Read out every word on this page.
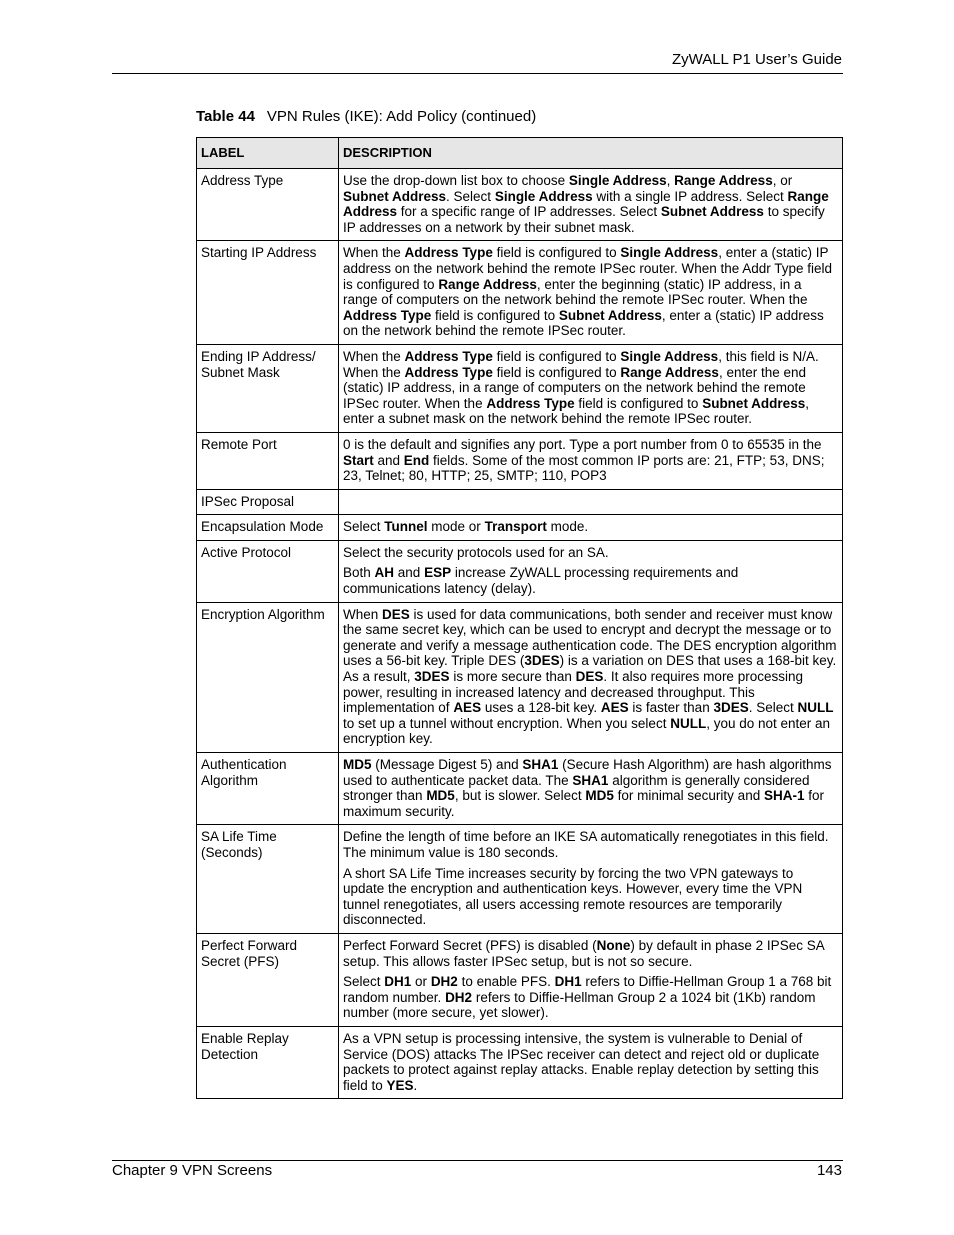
ZyWALL P1 User’s Guide
Table 44 VPN Rules (IKE): Add Policy (continued)
LABEL	DESCRIPTION
Address Type	Use the drop-down list box to choose Single Address, Range Address, or Subnet Address. Select Single Address with a single IP address. Select Range Address for a specific range of IP addresses. Select Subnet Address to specify IP addresses on a network by their subnet mask.

Starting IP Address	When the Address Type field is configured to Single Address, enter a (static) IP address on the network behind the remote IPSec router. When the Addr Type field is configured to Range Address, enter the beginning (static) IP address, in a range of computers on the network behind the remote IPSec router. When the Address Type field is configured to Subnet Address, enter a (static) IP address on the network behind the remote IPSec router.

Ending IP Address/ Subnet Mask	When the Address Type field is configured to Single Address, this field is N/A. When the Address Type field is configured to Range Address, enter the end (static) IP address, in a range of computers on the network behind the remote IPSec router. When the Address Type field is configured to Subnet Address, enter a subnet mask on the network behind the remote IPSec router.

Remote Port	0 is the default and signifies any port. Type a port number from 0 to 65535 in the Start and End fields. Some of the most common IP ports are: 21, FTP; 53, DNS; 23, Telnet; 80, HTTP; 25, SMTP; 110, POP3

IPSec Proposal	
Encapsulation Mode	Select Tunnel mode or Transport mode.

Active Protocol	Select the security protocols used for an SA.

Both AH and ESP increase ZyWALL processing requirements and communications latency (delay).

Encryption Algorithm	When DES is used for data communications, both sender and receiver must know the same secret key, which can be used to encrypt and decrypt the message or to generate and verify a message authentication code. The DES encryption algorithm uses a 56-bit key. Triple DES (3DES) is a variation on DES that uses a 168-bit key. As a result, 3DES is more secure than DES. It also requires more processing power, resulting in increased latency and decreased throughput. This implementation of AES uses a 128-bit key. AES is faster than 3DES. Select NULL to set up a tunnel without encryption. When you select NULL, you do not enter an encryption key.

Authentication Algorithm	MD5 (Message Digest 5) and SHA1 (Secure Hash Algorithm) are hash algorithms used to authenticate packet data. The SHA1 algorithm is generally considered stronger than MD5, but is slower. Select MD5 for minimal security and SHA-1 for maximum security.

SA Life Time (Seconds)	Define the length of time before an IKE SA automatically renegotiates in this field. The minimum value is 180 seconds.

A short SA Life Time increases security by forcing the two VPN gateways to update the encryption and authentication keys. However, every time the VPN tunnel renegotiates, all users accessing remote resources are temporarily disconnected.

Perfect Forward Secret (PFS)	Perfect Forward Secret (PFS) is disabled (None) by default in phase 2 IPSec SA setup. This allows faster IPSec setup, but is not so secure.

Select DH1 or DH2 to enable PFS. DH1 refers to Diffie-Hellman Group 1 a 768 bit random number. DH2 refers to Diffie-Hellman Group 2 a 1024 bit (1Kb) random number (more secure, yet slower).

Enable Replay Detection	As a VPN setup is processing intensive, the system is vulnerable to Denial of Service (DOS) attacks The IPSec receiver can detect and reject old or duplicate packets to protect against replay attacks. Enable replay detection by setting this field to YES.

Chapter 9 VPN Screens	143
